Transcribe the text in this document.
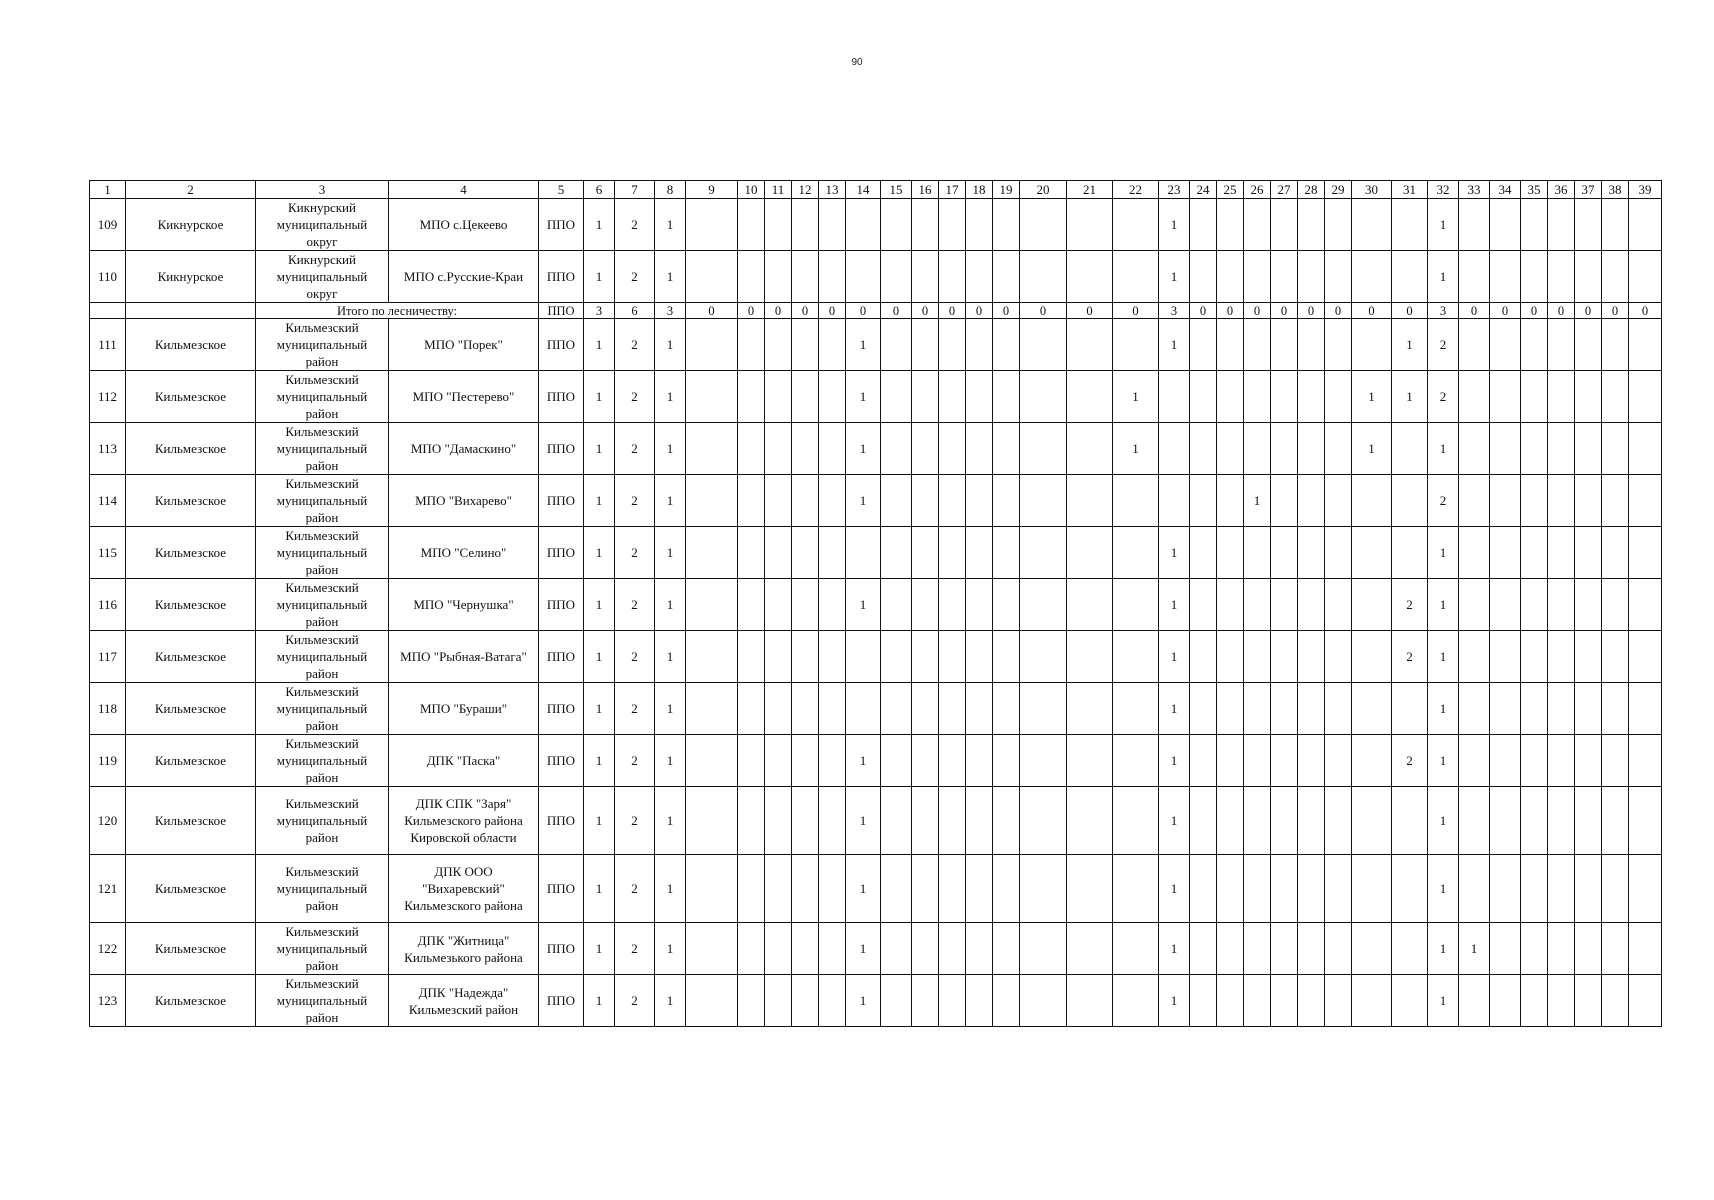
90
1	2	3	4	5	6	7	8	9	10	11	12	13	14	15	16	17	18	19	20	21	22	23	24	25	26	27	28	29	30	31	32	33	34	35	36	37	38	39
109	Кикнурское	Кикнурский
муниципальный
округ	МПО с.Цекеево	ППО	1	2	1															1									1							
110	Кикнурское	Кикнурский
муниципальный
округ	МПО с.Русские-Краи	ППО	1	2	1															1									1							
		Итого по лесничеству:		ППО	3	6	3	0	0	0	0	0	0	0	0	0	0	0	0	0	0	3	0	0	0	0	0	0	0	0	3	0	0	0	0	0	0	0
111	Кильмезское	Кильмезский
муниципальный
район	МПО "Порек"	ППО	1	2	1						1									1								1	2							
112	Кильмезское	Кильмезский
муниципальный
район	МПО "Пестерево"	ППО	1	2	1						1								1								1	1	2							
113	Кильмезское	Кильмезский
муниципальный
район	МПО "Дамаскино"	ППО	1	2	1						1								1								1		1							
114	Кильмезское	Кильмезский
муниципальный
район	МПО "Вихарево"	ППО	1	2	1						1												1						2							
115	Кильмезское	Кильмезский
муниципальный
район	МПО "Селино"	ППО	1	2	1															1									1							
116	Кильмезское	Кильмезский
муниципальный
район	МПО "Чернушка"	ППО	1	2	1						1									1								2	1							
117	Кильмезское	Кильмезский
муниципальный
район	МПО "Рыбная-Ватага"	ППО	1	2	1															1								2	1							
118	Кильмезское	Кильмезский
муниципальный
район	МПО "Бураши"	ППО	1	2	1															1									1							
119	Кильмезское	Кильмезский
муниципальный
район	ДПК "Паска"	ППО	1	2	1						1									1								2	1							
120	Кильмезское	Кильмезский
муниципальный
район	ДПК СПК "Заря"
Кильмезского района
Кировской области	ППО	1	2	1						1									1									1							
121	Кильмезское	Кильмезский
муниципальный
район	ДПК ООО
"Вихаревский"
Кильмезского района	ППО	1	2	1						1									1									1							
122	Кильмезское	Кильмезский
муниципальный
район	ДПК "Житница"
Кильмезького района	ППО	1	2	1						1									1									1	1						
123	Кильмезское	Кильмезский
муниципальный
район	ДПК "Надежда"
Кильмезский район	ППО	1	2	1						1									1									1							
